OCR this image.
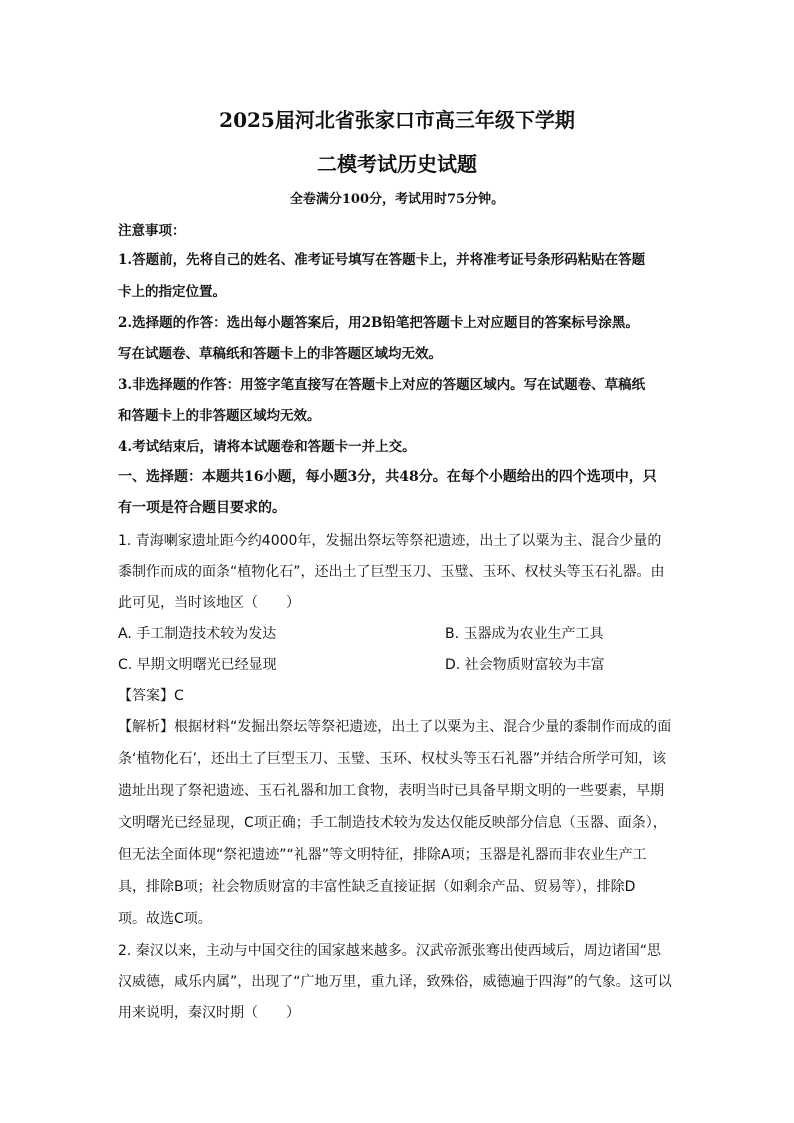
2025届河北省张家口市高三年级下学期
二模考试历史试题
全卷满分100分，考试用时75分钟。
注意事项：
1.答题前，先将自己的姓名、准考证号填写在答题卡上，并将准考证号条形码粘贴在答题
卡上的指定位置。
2.选择题的作答：选出每小题答案后，用2B铅笔把答题卡上对应题目的答案标号涂黑。
写在试题卷、草稿纸和答题卡上的非答题区域均无效。
3.非选择题的作答：用签字笔直接写在答题卡上对应的答题区域内。写在试题卷、草稿纸
和答题卡上的非答题区域均无效。
4.考试结束后，请将本试题卷和答题卡一并上交。
一、选择题：本题共16小题，每小题3分，共48分。在每个小题给出的四个选项中，只
有一项是符合题目要求的。
1. 青海喇家遗址距今约4000年，发掘出祭坛等祭祀遗迹，出土了以粟为主、混合少量的
黍制作而成的面条“植物化石”，还出土了巨型玉刀、玉璧、玉环、权杖头等玉石礼器。由
此可见，当时该地区（　　）
A. 手工制造技术较为发达	B. 玉器成为农业生产工具
C. 早期文明曙光已经显现	D. 社会物质财富较为丰富
【答案】C
【解析】根据材料“发掘出祭坛等祭祀遗迹，出土了以粟为主、混合少量的黍制作而成的面
条‘植物化石’，还出土了巨型玉刀、玉璧、玉环、权杖头等玉石礼器”并结合所学可知，该
遗址出现了祭祀遗迹、玉石礼器和加工食物，表明当时已具备早期文明的一些要素，早期
文明曙光已经显现，C项正确；手工制造技术较为发达仅能反映部分信息（玉器、面条），
但无法全面体现“祭祀遗迹”“礼器”等文明特征，排除A项；玉器是礼器而非农业生产工
具，排除B项；社会物质财富的丰富性缺乏直接证据（如剩余产品、贸易等），排除D
项。故选C项。
2. 秦汉以来，主动与中国交往的国家越来越多。汉武帝派张骞出使西域后，周边诸国“思
汉威德，咸乐内属”，出现了“广地万里，重九译，致殊俗，威德遍于四海”的气象。这可以
用来说明，秦汉时期（　　）
